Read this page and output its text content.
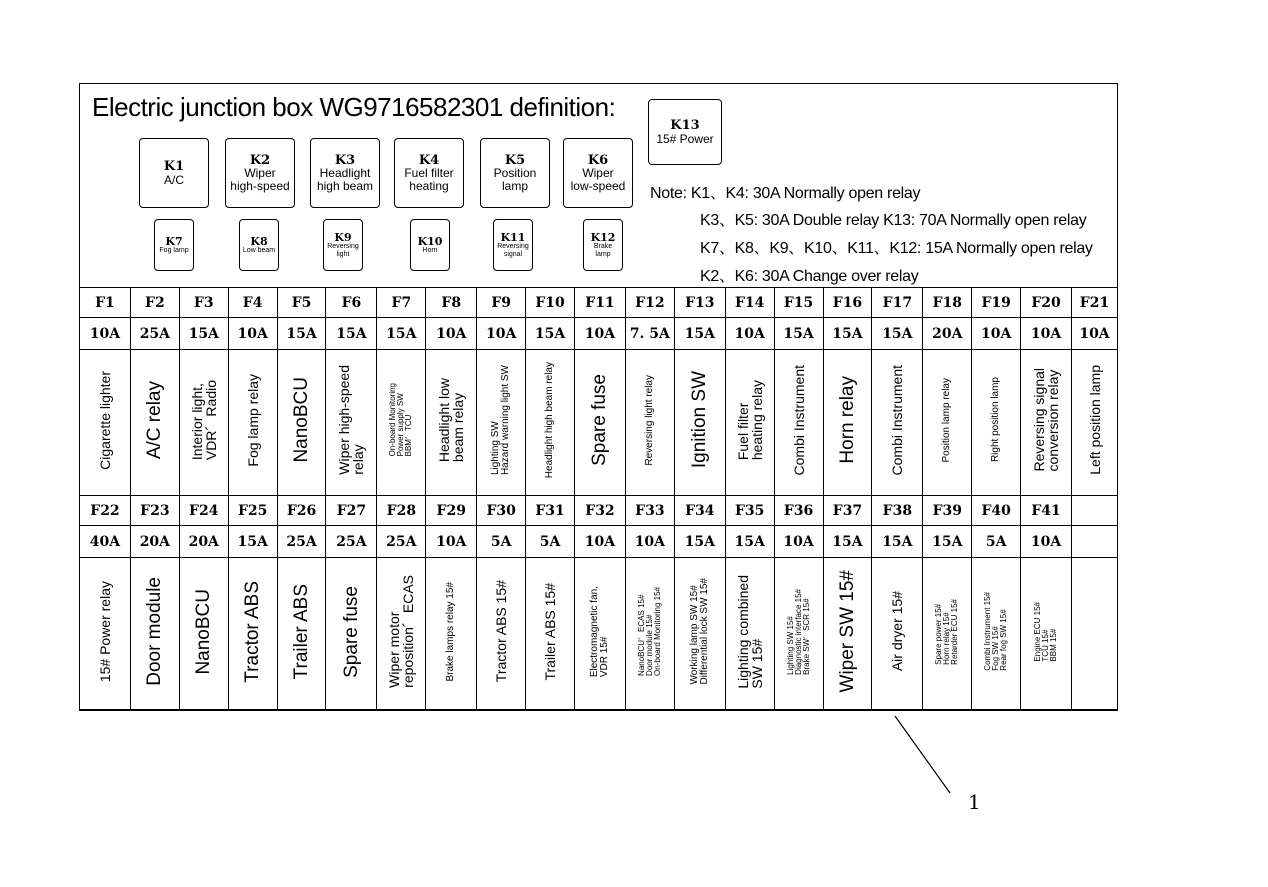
Electric junction box WG9716582301 definition:
K1
A/C
K2
Wiper
high-speed
K3
Headlight
high beam
K4
Fuel filter
heating
K5
Position
lamp
K6
Wiper
low-speed
K13
15# Power
K7
Fog lamp
K8
Low beam
K9
Reversing
light
K10
Horn
K11
Reversing
signal
K12
Brake
lamp
Note: K1、K4: 30A Normally open relay
K3、K5: 30A Double relay K13: 70A Normally open relay
K7、K8、K9、K10、K11、K12: 15A Normally open relay
K2、K6: 30A Change over relay
F1	F2	F3	F4	F5	F6	F7	F8	F9	F10	F11	F12	F13	F14	F15	F16	F17	F18	F19	F20	F21
10A	25A	15A	10A	15A	15A	15A	10A	10A	15A	10A	7. 5A	15A	10A	15A	15A	15A	20A	10A	10A	10A
Cigarette lighter	A/C relay	Interior light,
VDR、Radio	Fog lamp relay	NanoBCU	Wiper high-speed
relay	On-board Monitoring
Power supply SW
BBM、TCU	Headlight low
beam relay	Lighting SW
Hazard warning light SW	Headlight high beam relay	Spare fuse	Reversing light relay	Ignition SW	Fuel filter
heating relay	Combi Instrument	Horn relay	Combi Instrument	Position lamp relay	Right position lamp	Reversing signal
conversion relay	Left position lamp
F22	F23	F24	F25	F26	F27	F28	F29	F30	F31	F32	F33	F34	F35	F36	F37	F38	F39	F40	F41	
40A	20A	20A	15A	25A	25A	25A	10A	5A	5A	10A	10A	15A	15A	10A	15A	15A	15A	5A	10A	
15# Power relay	Door module	NanoBCU	Tractor ABS	Trailer ABS	Spare fuse	Wiper motor
reposition、ECAS	Brake lamps relay 15#	Tractor ABS 15#	Trailer ABS 15#	Electromagnetic fan,
VDR 15#	NanoBCU、ECAS 15#
Door module 15#
On-board Monitoring 15#	Working lamp SW 15#
Differential lock SW 15#	Lighting combined
SW 15#	Lighting SW 15#
Diagnostic interface 15#
Brake SW、SCR 15#	Wiper SW 15#	Air dryer 15#	Spare power 15#
Horn relay 15#
Retarder ECU 15#	Combi Instrument 15#
Fog SW 15#
Rear fog SW 15#	Engine ECU 15#
TCU 15#
BBM 15#	
1
